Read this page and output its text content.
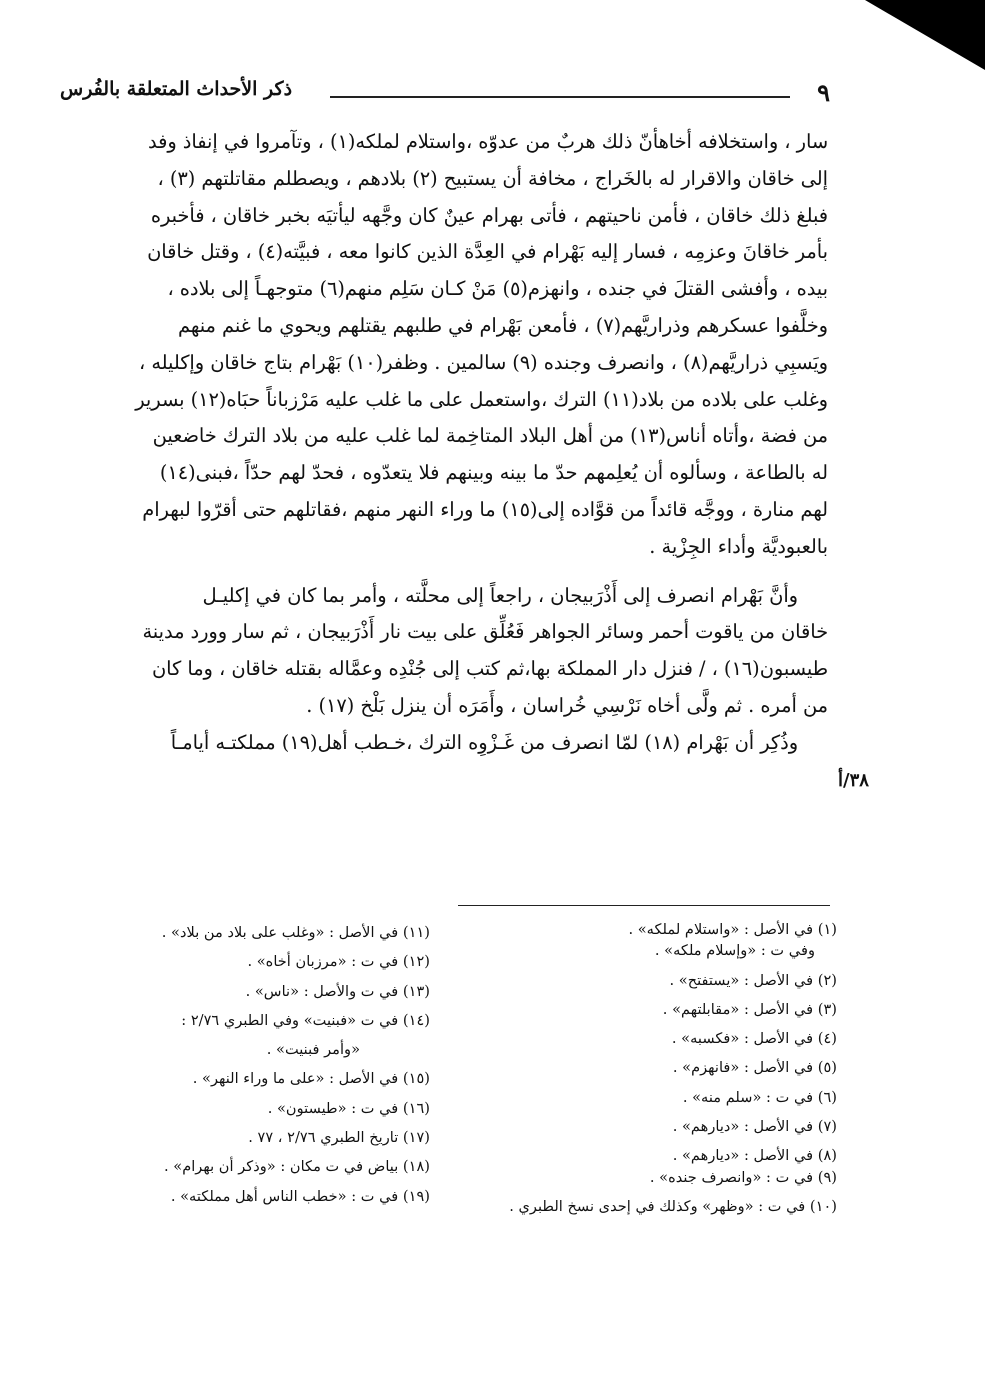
٩
ذكر الأحداث المتعلقة بالفُرس

سار ، واستخلافه أخاهأنّ ذلك هربٌ من عدوّه ،واستلام لملكه(١) ، وتآمروا في إنفاذ وفد
إلى خاقان والاقرار له بالخَراج ، مخافة أن يستبيح (٢) بلادهم ، ويصطلم مقاتلتهم (٣) ،
فبلغ ذلك خاقان ، فأمن ناحيتهم ، فأتى بهرام عينٌ كان وجَّهه ليأتيَه بخبر خاقان ، فأخبره
بأمر خاقانَ وعزمِه ، فسار إليه بَهْرام في العِدَّة الذين كانوا معه ، فبيَّته(٤) ، وقتل خاقان
بيده ، وأفشى القتلَ في جنده ، وانهزم(٥) مَنْ كـان سَلِم منهم(٦) متوجهـاً إلى بلاده ،
وخلَّفوا عسكرهم وذراريَّهم(٧) ، فأمعن بَهْرام في طلبهم يقتلهم ويحوي ما غنم منهم
ويَسبِي ذراريَّهم(٨) ، وانصرف وجنده (٩) سالمين . وظفر(١٠) بَهْرام بتاج خاقان وإكليله ،
وغلب على بلاده من بلاد(١١) الترك ،واستعمل على ما غلب عليه مَرْزباناً حبَاه(١٢) بسرير
من فضة ،وأتاه أناس(١٣) من أهل البلاد المتاخِمة لما غلب عليه من بلاد الترك خاضعين
له بالطاعة ، وسألوه أن يُعلِمهم حدّ ما بينه وبينهم فلا يتعدّوه ، فحدّ لهم حدّاً ،فبنى(١٤)
لهم منارة ، ووجَّه قائداً من قوَّاده إلى(١٥) ما وراء النهر منهم ،فقاتلهم حتى أقرّوا لبهرام
بالعبوديَّة وأداء الجِزْية .

وأنَّ بَهْرام انصرف إلى أَذْرَبيجان ، راجعاً إلى محلَّته ، وأمر بما كان في إكليـل
خاقان من ياقوت أحمر وسائر الجواهر فَعُلِّق على بيت نار أَذْرَبيجان ، ثم سار وورد مدينة
طيسبون(١٦) ، / فنزل دار المملكة بها،ثم كتب إلى جُنْدِه وعمَّاله بقتله خاقان ، وما كان
من أمره . ثم ولَّى أخاه نَرْسِي خُراسان ، وأَمَرَه أن ينزل بَلْخ (١٧) .

وذُكِر أن بَهْرام (١٨) لمّا انصرف من غَـزْوِه الترك ،خـطب أهل(١٩) مملكتـه أيامـاً

٣٨/أ
(١) في الأصل : «واستلام لملكه» .
وفي ت : «وإسلام ملكه» .
(٢) في الأصل : «يستفتح» .
(٣) في الأصل : «مقابلتهم» .
(٤) في الأصل : «فكسبه» .
(٥) في الأصل : «فانهزم» .
(٦) في ت : «سلم منه» .
(٧) في الأصل : «ديارهم» .
(٨) في الأصل : «ديارهم» .
(٩) في ت : «وانصرف جنده» .
(١٠) في ت : «وظهر» وكذلك في إحدى نسخ الطبري .
(١١) في الأصل : «وغلب على بلاد من بلاد» .
(١٢) في ت : «مرزبان أخاه» .
(١٣) في ت والأصل : «ناس» .
(١٤) في ت «فبنيت» وفي الطبري ٢/٧٦ :
«وأمر فبنيت» .
(١٥) في الأصل : «على ما وراء النهر» .
(١٦) في ت : «طيستون» .
(١٧) تاريخ الطبري ٢/٧٦ ، ٧٧ .
(١٨) بياض في ت مكان : «وذكر أن بهرام» .
(١٩) في ت : «خطب الناس أهل مملكته» .
